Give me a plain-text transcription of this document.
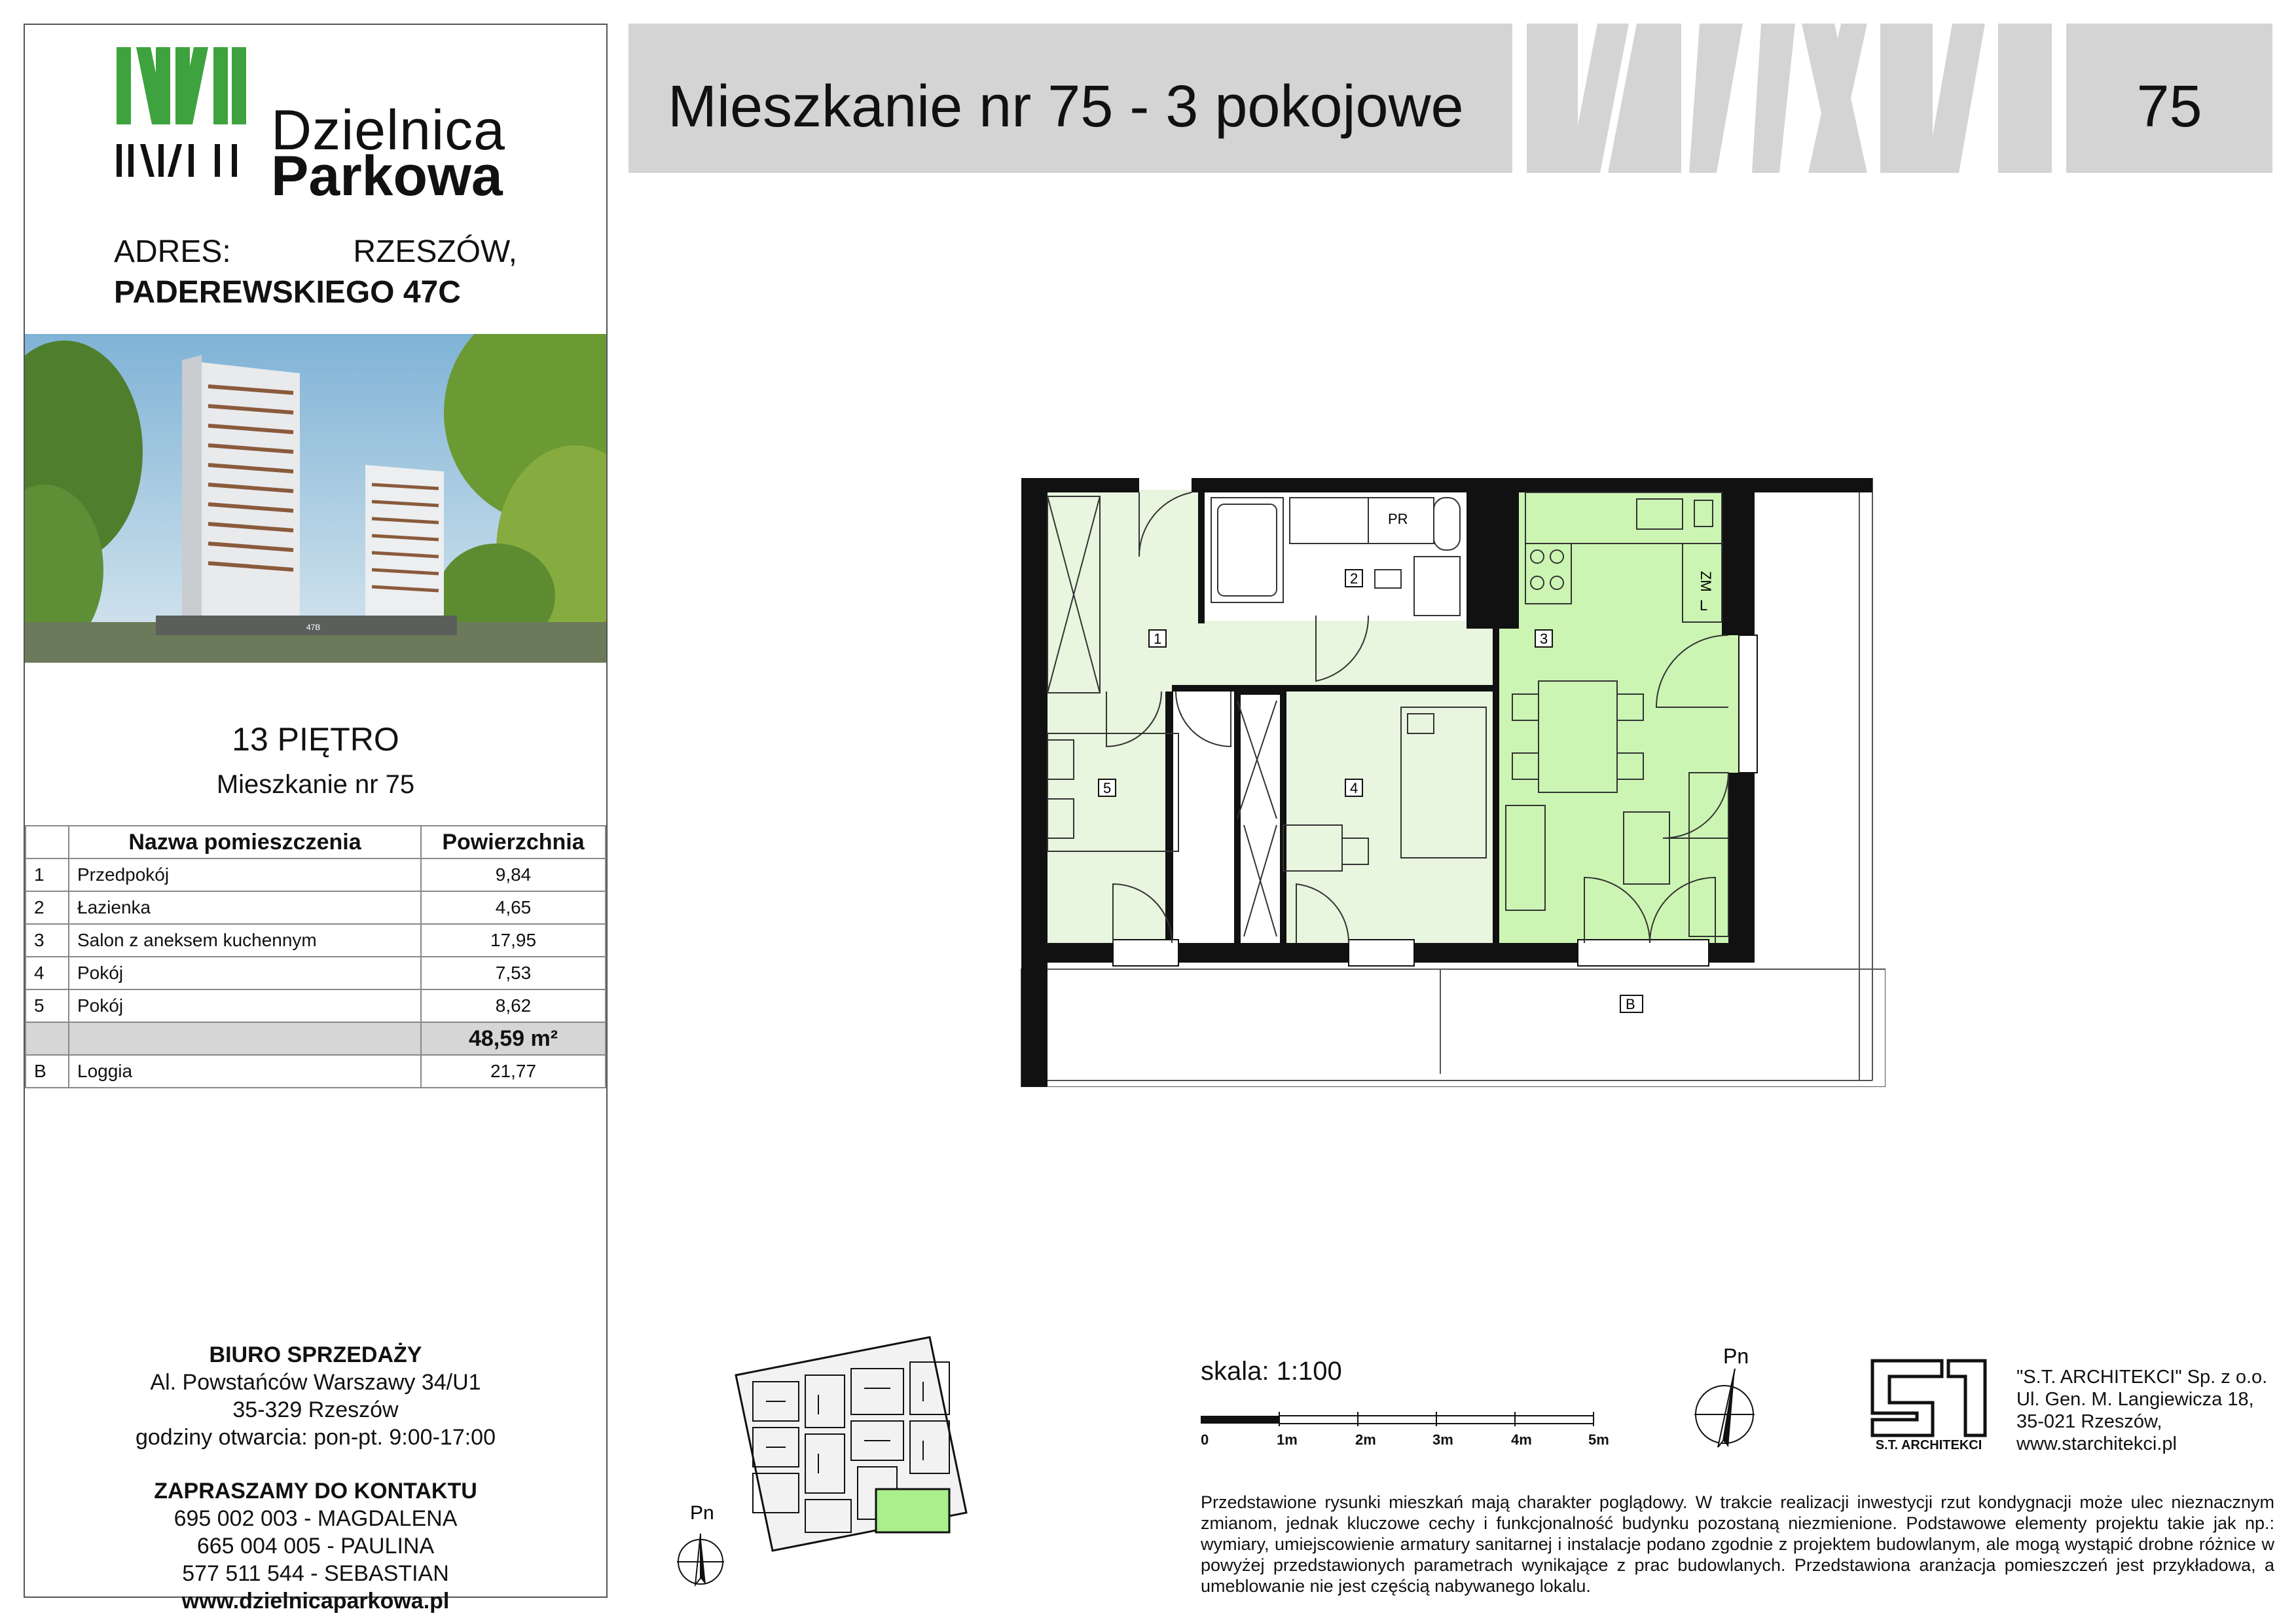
Dzielnica
Parkowa
ADRES:	RZESZÓW,
PADEREWSKIEGO 47C
47B
13 PIĘTRO
Mieszkanie nr 75
	Nazwa pomieszczenia	Powierzchnia
1	Przedpokój	9,84
2	Łazienka	4,65
3	Salon z aneksem kuchennym	17,95
4	Pokój	7,53
5	Pokój	8,62
		48,59 m²
B	Loggia	21,77
BIURO SPRZEDAŻY
Al. Powstańców Warszawy 34/U1
35-329 Rzeszów
godziny otwarcia: pon-pt. 9:00-17:00
ZAPRASZAMY DO KONTAKTU
695 002 003 - MAGDALENA
665 004 005 - PAULINA
577 511 544 - SEBASTIAN
www.dzielnicaparkowa.pl
Mieszkanie nr 75 - 3 pokojowe	75
PR
ZM
L
1
2
3
4
5
B
Pn
skala: 1:100
0	1m	2m	3m	4m	5m
Pn
S.T. ARCHITEKCI
"S.T. ARCHITEKCI" Sp. z o.o.
Ul. Gen. M. Langiewicza 18,
35-021 Rzeszów,
www.starchitekci.pl
Przedstawione rysunki mieszkań mają charakter poglądowy. W trakcie realizacji inwestycji rzut kondygnacji może ulec nieznacznym zmianom, jednak kluczowe cechy i funkcjonalność budynku pozostaną niezmienione. Podstawowe elementy projektu takie jak np.: wymiary, umiejscowienie armatury sanitarnej i instalacje podano zgodnie z projektem budowlanym, ale mogą wystąpić drobne różnice w powyżej przedstawionych parametrach wynikające z prac budowlanych. Przedstawiona aranżacja pomieszczeń jest przykładowa, a umeblowanie nie jest częścią nabywanego lokalu.
